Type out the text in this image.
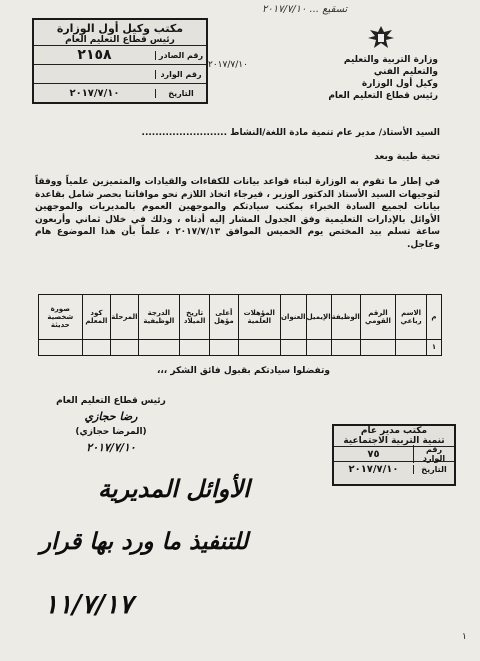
تسقيع ... ٢٠١٧/٧/١٠
مكتب وكيل أول الوزارة
رئيس قطاع التعليم العام
رقم الصادر
٢١٥٨
رقم الوارد
التاريخ
٢٠١٧/٧/١٠
٢٠١٧/٧/١٠	وزارة التربية والتعليم
والتعليم الفني
وكيل أول الوزارة
رئيس قطاع التعليم العام
السيد الأستاذ/ مدير عام تنمية مادة اللغة/النشاط .........................
تحية طيبة وبعد
في إطار ما تقوم به الوزارة لبناء قواعد بيانات للكفاءات والقيادات والمتميزين علمياً ووفقاً لتوجيهات السيد الأستاذ الدكتور الوزير ، فيرجاء اتخاذ اللازم نحو موافاتنا بحصر شامل بقاعدة بيانات لجميع السادة الخبراء بمكتب سيادتكم والموجهين العموم بالمديريات والموجهين الأوائل بالإدارات التعليمية وفق الجدول المشار إليه أدناه ، وذلك في خلال ثماني وأربعون ساعة تسلم بيد المختص يوم الخميس الموافق ٢٠١٧/٧/١٣ ، علماً بأن هذا الموضوع هام وعاجل.
م	الاسم رباعي	الرقم القومي	الوظيفة	الإيميل	العنوان	المؤهلات العلمية	أعلى مؤهل	تاريخ الميلاد	الدرجة الوظيفية	المرحلة	كود المعلم	صورة شخصية حديثة
١												
وتفضلوا سيادتكم بقبول فائق الشكر ،،،
رئيس قطاع التعليم العام
رضا حجازي
(المرضا حجازي)
٢٠١٧/٧/١٠
مكتب مدير عام
تنمية التربية الاجتماعية
رقم الوارد
٧٥
التاريخ
٢٠١٧/٧/١٠
الأوائل المديرية
للتنفيذ ما ورد بها قرار
١١/٧/١٧
١
